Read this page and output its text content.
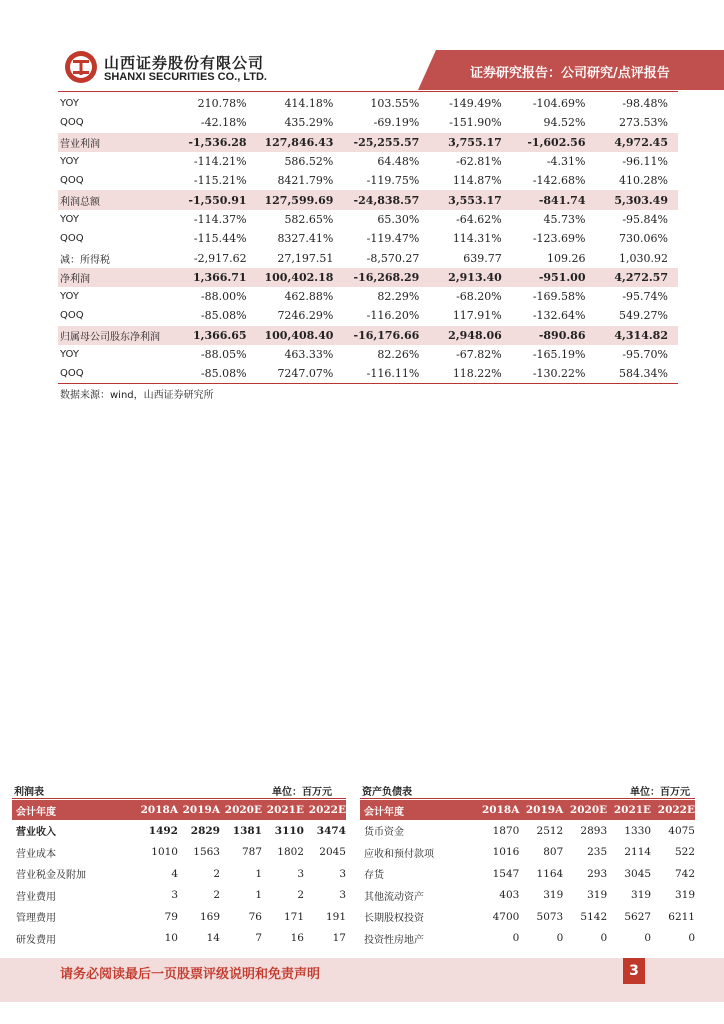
山西证券股份有限公司
SHANXI SECURITIES CO., LTD.	证券研究报告：公司研究/点评报告
YOY	210.78%	414.18%	103.55%	-149.49%	-104.69%	-98.48%
QOQ	-42.18%	435.29%	-69.19%	-151.90%	94.52%	273.53%
营业利润	-1,536.28	127,846.43	-25,255.57	3,755.17	-1,602.56	4,972.45
YOY	-114.21%	586.52%	64.48%	-62.81%	-4.31%	-96.11%
QOQ	-115.21%	8421.79%	-119.75%	114.87%	-142.68%	410.28%
利润总额	-1,550.91	127,599.69	-24,838.57	3,553.17	-841.74	5,303.49
YOY	-114.37%	582.65%	65.30%	-64.62%	45.73%	-95.84%
QOQ	-115.44%	8327.41%	-119.47%	114.31%	-123.69%	730.06%
减：所得税	-2,917.62	27,197.51	-8,570.27	639.77	109.26	1,030.92
净利润	1,366.71	100,402.18	-16,268.29	2,913.40	-951.00	4,272.57
YOY	-88.00%	462.88%	82.29%	-68.20%	-169.58%	-95.74%
QOQ	-85.08%	7246.29%	-116.20%	117.91%	-132.64%	549.27%
归属母公司股东净利润	1,366.65	100,408.40	-16,176.66	2,948.06	-890.86	4,314.82
YOY	-88.05%	463.33%	82.26%	-67.82%	-165.19%	-95.70%
QOQ	-85.08%	7247.07%	-116.11%	118.22%	-130.22%	584.34%
数据来源：wind，山西证券研究所
利润表	单位：百万元	资产负债表	单位：百万元
会计年度	2018A	2019A	2020E	2021E	2022E
营业收入	1492	2829	1381	3110	3474
营业成本	1010	1563	787	1802	2045
营业税金及附加	4	2	1	3	3
营业费用	3	2	1	2	3
管理费用	79	169	76	171	191
研发费用	10	14	7	16	17
会计年度	2018A	2019A	2020E	2021E	2022E
货币资金	1870	2512	2893	1330	4075
应收和预付款项	1016	807	235	2114	522
存货	1547	1164	293	3045	742
其他流动资产	403	319	319	319	319
长期股权投资	4700	5073	5142	5627	6211
投资性房地产	0	0	0	0	0
请务必阅读最后一页股票评级说明和免责声明	3
